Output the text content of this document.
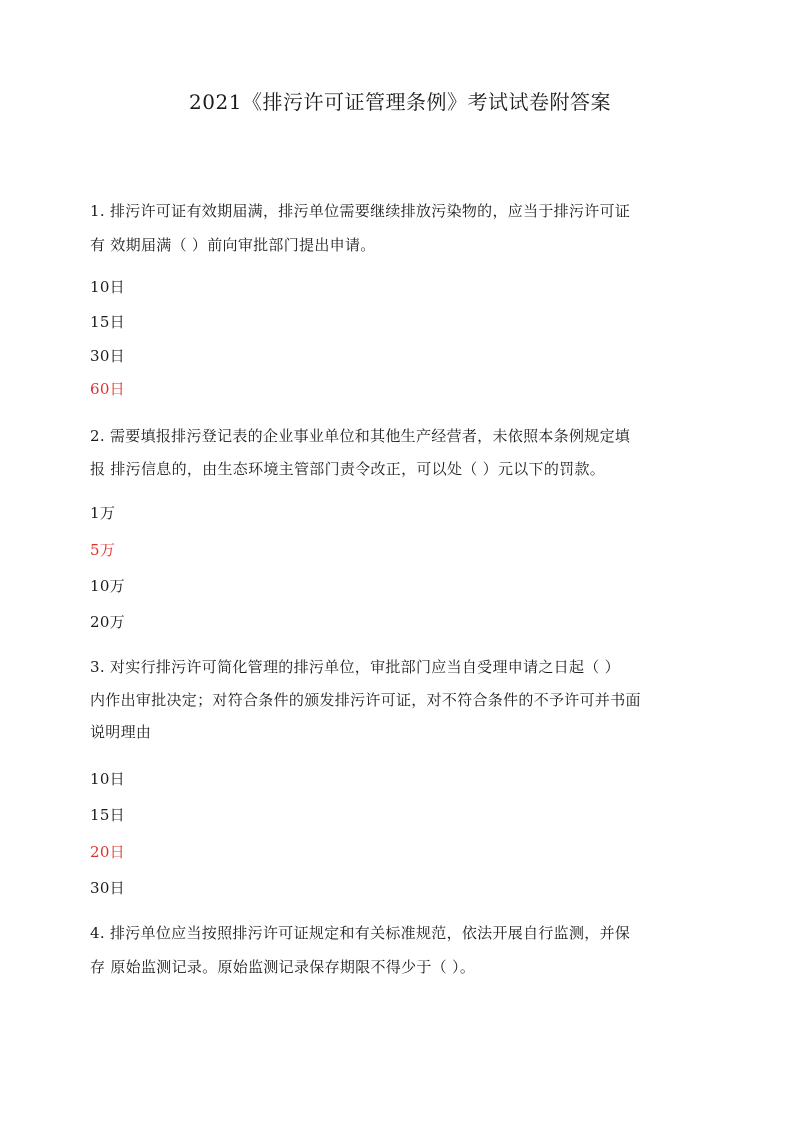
2021《排污许可证管理条例》考试试卷附答案
1. 排污许可证有效期届满，排污单位需要继续排放污染物的，应当于排污许可证
有 效期届满（ ）前向审批部门提出申请。
10日
15日
30日
60日
2. 需要填报排污登记表的企业事业单位和其他生产经营者，未依照本条例规定填
报 排污信息的，由生态环境主管部门责令改正，可以处（ ）元以下的罚款。
1万
5万
10万
20万
3. 对实行排污许可简化管理的排污单位，审批部门应当自受理申请之日起（ ）
内作出审批决定；对符合条件的颁发排污许可证，对不符合条件的不予许可并书面
说明理由
10日
15日
20日
30日
4. 排污单位应当按照排污许可证规定和有关标准规范，依法开展自行监测，并保
存 原始监测记录。原始监测记录保存期限不得少于（ ）。
